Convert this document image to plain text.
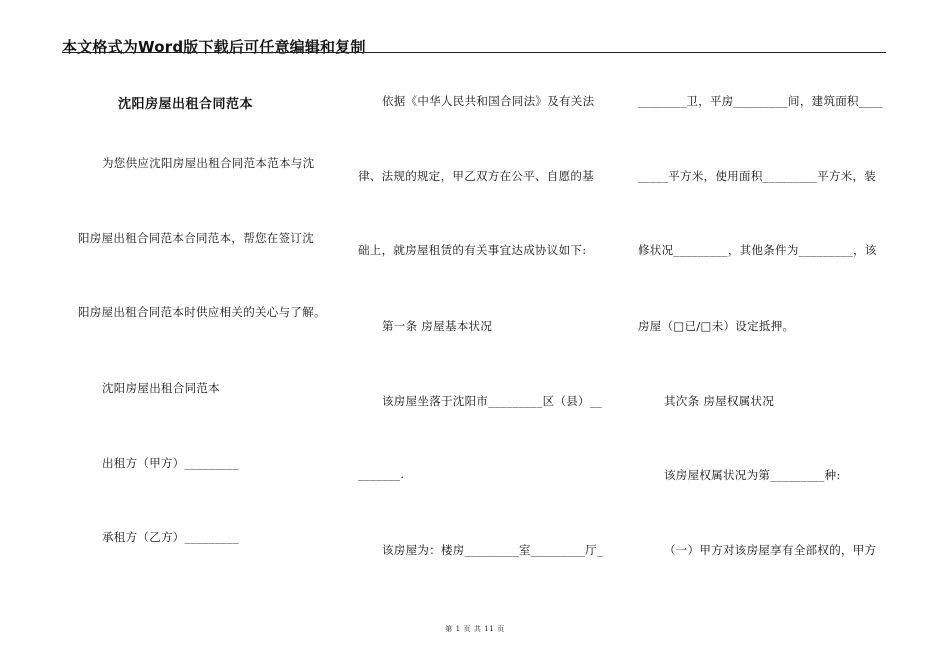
本文格式为Word版下载后可任意编辑和复制
沈阳房屋出租合同范本
为您供应沈阳房屋出租合同范本范本与沈
阳房屋出租合同范本合同范本，帮您在签订沈
阳房屋出租合同范本时供应相关的关心与了解。
沈阳房屋出租合同范本
出租方（甲方）_________
承租方（乙方）_________
依据《中华人民共和国合同法》及有关法
律、法规的规定，甲乙双方在公平、自愿的基
础上，就房屋租赁的有关事宜达成协议如下:
第一条 房屋基本状况
该房屋坐落于沈阳市_________区（县）__
_______.
该房屋为：楼房_________室_________厅_
________卫，平房_________间，建筑面积____
_____平方米，使用面积_________平方米，装
修状况_________，其他条件为_________，该
房屋（□已/□未）设定抵押。
其次条 房屋权属状况
该房屋权属状况为第_________种:
（一）甲方对该房屋享有全部权的，甲方
第 1 页 共 11 页
